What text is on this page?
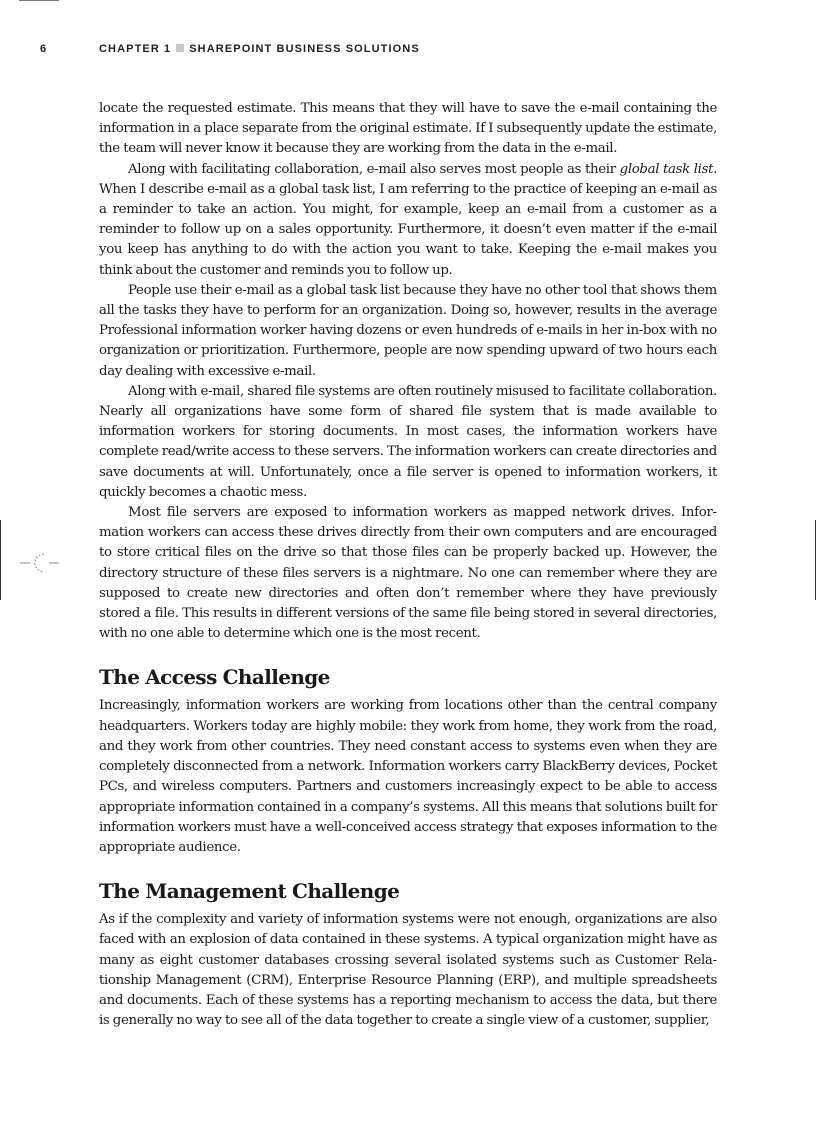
6	CHAPTER 1 SHAREPOINT BUSINESS SOLUTIONS

locate the requested estimate. This means that they will have to save the e-mail containing the information in a place separate from the original estimate. If I subsequently update the estimate, the team will never know it because they are working from the data in the e-mail.

Along with facilitating collaboration, e-mail also serves most people as their global task list. When I describe e-mail as a global task list, I am referring to the practice of keeping an e-mail as a reminder to take an action. You might, for example, keep an e-mail from a customer as a reminder to follow up on a sales opportunity. Furthermore, it doesn’t even matter if the e-mail you keep has anything to do with the action you want to take. Keeping the e-mail makes you think about the customer and reminds you to follow up.

People use their e-mail as a global task list because they have no other tool that shows them all the tasks they have to perform for an organization. Doing so, however, results in the average Professional information worker having dozens or even hundreds of e-mails in her in-box with no organization or prioritization. Furthermore, people are now spending upward of two hours each day dealing with excessive e-mail.

Along with e-mail, shared file systems are often routinely misused to facilitate collaboration. Nearly all organizations have some form of shared file system that is made available to information workers for storing documents. In most cases, the information workers have complete read/write access to these servers. The information workers can create directories and save documents at will. Unfortunately, once a file server is opened to information workers, it quickly becomes a chaotic mess.

Most file servers are exposed to information workers as mapped network drives. Information workers can access these drives directly from their own computers and are encouraged to store critical files on the drive so that those files can be properly backed up. However, the directory structure of these files servers is a nightmare. No one can remember where they are supposed to create new directories and often don’t remember where they have previously stored a file. This results in different versions of the same file being stored in several directories, with no one able to determine which one is the most recent.

The Access Challenge

Increasingly, information workers are working from locations other than the central company headquarters. Workers today are highly mobile: they work from home, they work from the road, and they work from other countries. They need constant access to systems even when they are completely disconnected from a network. Information workers carry BlackBerry devices, Pocket PCs, and wireless computers. Partners and customers increasingly expect to be able to access appropriate information contained in a company’s systems. All this means that solutions built for information workers must have a well-conceived access strategy that exposes information to the appropriate audience.

The Management Challenge

As if the complexity and variety of information systems were not enough, organizations are also faced with an explosion of data contained in these systems. A typical organization might have as many as eight customer databases crossing several isolated systems such as Customer Relationship Management (CRM), Enterprise Resource Planning (ERP), and multiple spreadsheets and documents. Each of these systems has a reporting mechanism to access the data, but there is generally no way to see all of the data together to create a single view of a customer, supplier,
